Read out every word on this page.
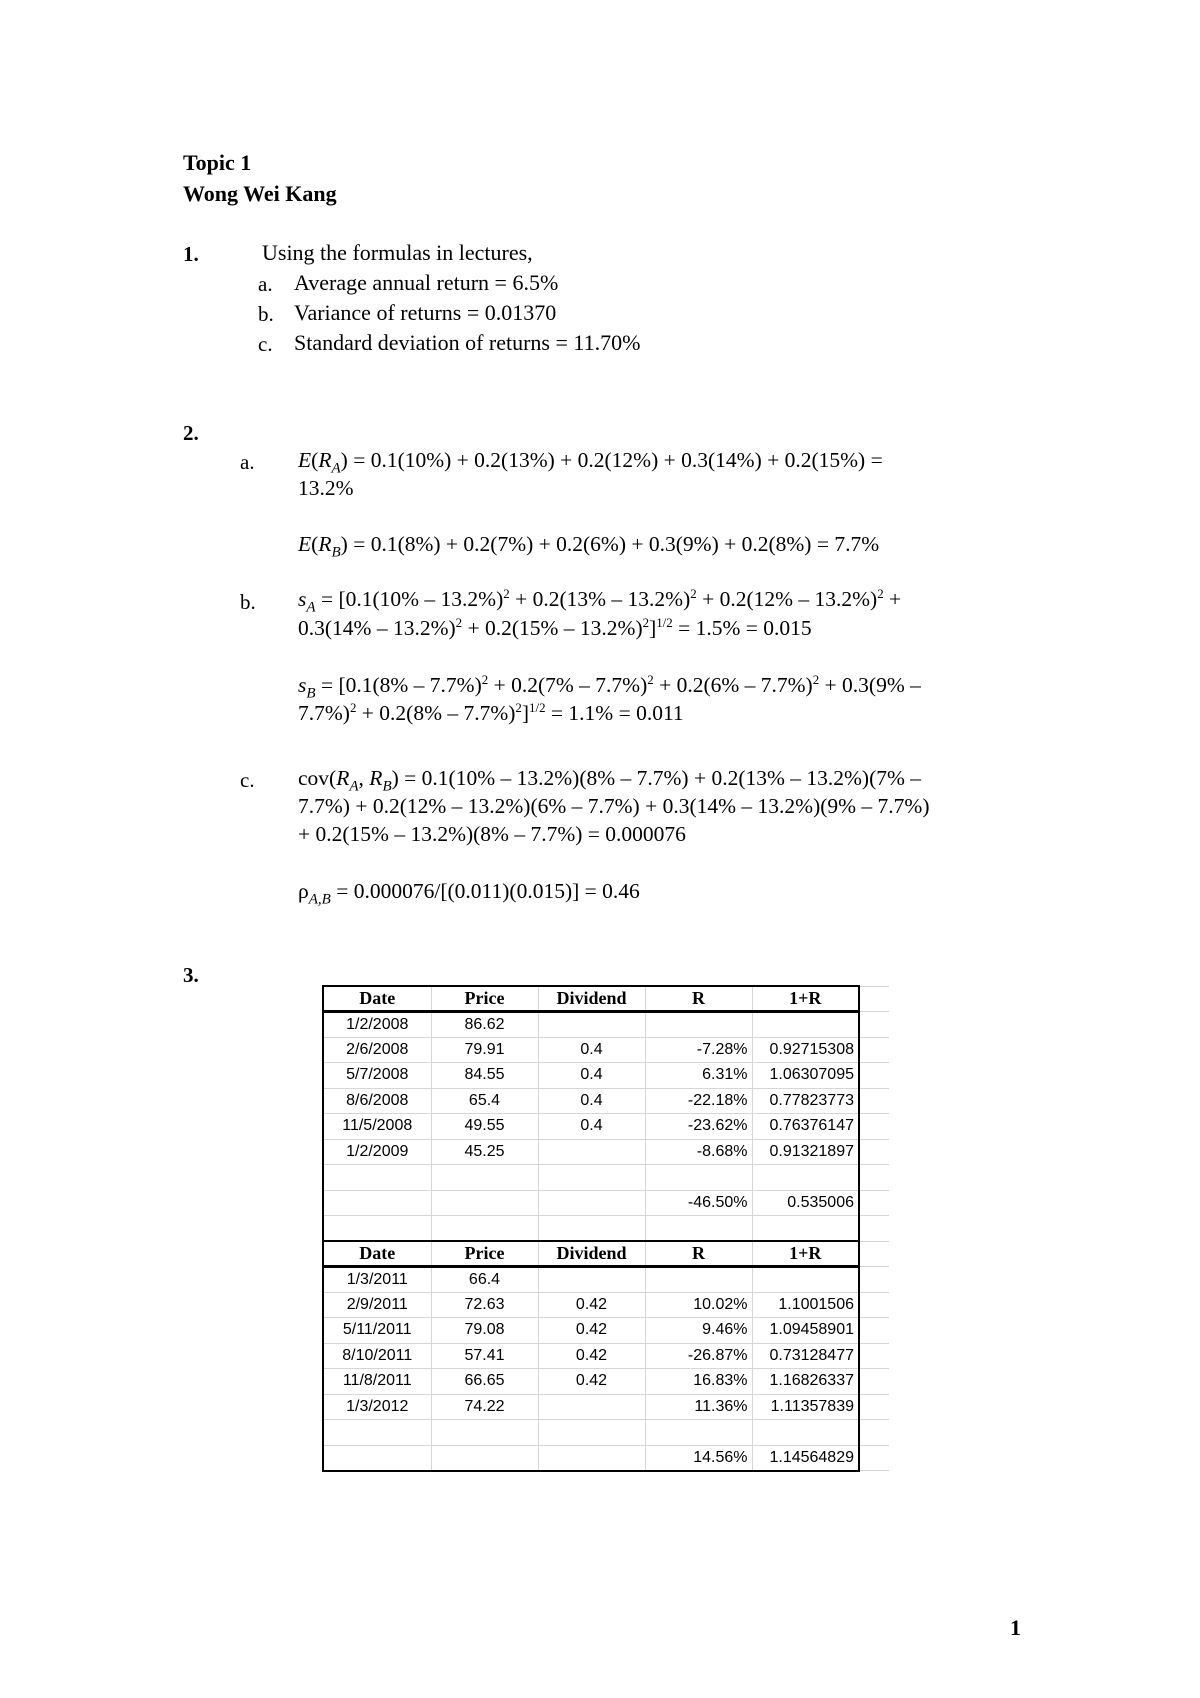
Topic 1
Wong Wei Kang
1.	Using the formulas in lectures,
a. Average annual return = 6.5%
b. Variance of returns = 0.01370
c. Standard deviation of returns = 11.70%
2.
a. $E(R_A) = 0.1(10\%) + 0.2(13\%) + 0.2(12\%) + 0.3(14\%) + 0.2(15\%)$ =
13.2%
$E(R_B) = 0.1(8\%) + 0.2(7\%) + 0.2(6\%) + 0.3(9\%) + 0.2(8\%) = 7.7\%$
b. $s_A = [0.1(10\% - 13.2\%)^2 + 0.2(13\% - 13.2\%)^2 + 0.2(12\% - 13.2\%)^2$ +
0.3(14% – 13.2%)$^2$ + 0.2(15% – 13.2%)$^2$]$^{1/2}$ = 1.5% = 0.015
$s_B = [0.1(8\% - 7.7\%)^2 + 0.2(7\% - 7.7\%)^2 + 0.2(6\% - 7.7\%)^2 + 0.3(9\%$ –
7.7%)$^2$ + 0.2(8% – 7.7%)$^2$]$^{1/2}$ = 1.1% = 0.011
c. $cov(R_A$, $R_B) = 0.1(10\% - 13.2\%)(8\% - 7.7\%) + 0.2(13\% - 13.2\%)(7\%$ –
7.7%) + 0.2(12% – 13.2%)(6% – 7.7%) + 0.3(14% – 13.2%)(9% – 7.7%)
+ 0.2(15% – 13.2%)(8% – 7.7%) = 0.000076
$\rho_{A,B} = 0.000076/[(0.011)(0.015)] = 0.46$
3.
Date	Price	Dividend	R	1+R	
1/2/2008	86.62				
2/6/2008	79.91	0.4	-7.28%	0.92715308	
5/7/2008	84.55	0.4	6.31%	1.06307095	
8/6/2008	65.4	0.4	-22.18%	0.77823773	
11/5/2008	49.55	0.4	-23.62%	0.76376147	
1/2/2009	45.25		-8.68%	0.91321897	

			-46.50%	0.535006	

Date	Price	Dividend	R	1+R	
1/3/2011	66.4				
2/9/2011	72.63	0.42	10.02%	1.1001506	
5/11/2011	79.08	0.42	9.46%	1.09458901	
8/10/2011	57.41	0.42	-26.87%	0.73128477	
11/8/2011	66.65	0.42	16.83%	1.16826337	
1/3/2012	74.22		11.36%	1.11357839	

			14.56%	1.14564829	
1
